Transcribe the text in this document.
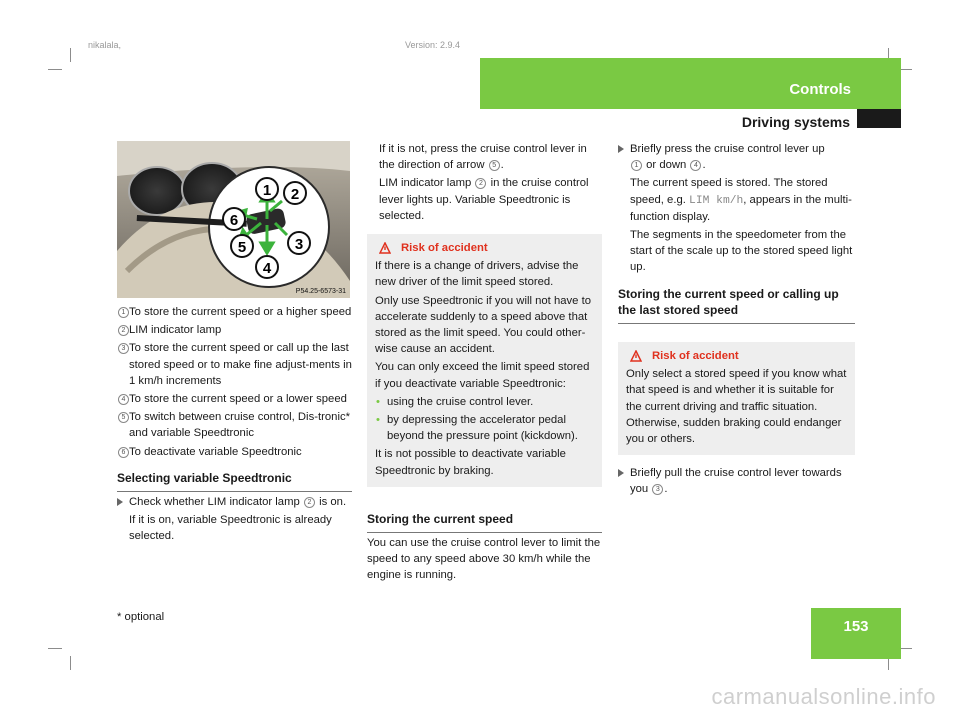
nikalala,	Version: 2.9.4
Controls
Driving systems
1 2
3
4
5
6
P54.25-6573-31

1 To store the current speed or a higher speed

2 LIM indicator lamp

3 To store the current speed or call up the last stored speed or to make fine adjust-ments in 1 km/h increments

4 To store the current speed or a lower speed

5 To switch between cruise control, Dis-tronic* and variable Speedtronic

6 To deactivate variable Speedtronic

Selecting variable Speedtronic

Check whether LIM indicator lamp 2 is on.

If it is on, variable Speedtronic is already selected.

If it is not, press the cruise control lever in the direction of arrow 5 .

LIM indicator lamp 2 in the cruise control lever lights up. Variable Speedtronic is selected.

Risk of accident

If there is a change of drivers, advise the new driver of the limit speed stored.

Only use Speedtronic if you will not have to accelerate suddenly to a speed above that stored as the limit speed. You could other-wise cause an accident.

You can only exceed the limit speed stored if you deactivate variable Speedtronic:

• using the cruise control lever.

• by depressing the accelerator pedal beyond the pressure point (kickdown).

It is not possible to deactivate variable Speedtronic by braking.

Storing the current speed

You can use the cruise control lever to limit the speed to any speed above 30 km/h while the engine is running.

Briefly press the cruise control lever up
1 or down 4 .

The current speed is stored. The stored speed, e.g. LIM km/h, appears in the multi-function display.

The segments in the speedometer from the start of the scale up to the stored speed light up.

Storing the current speed or calling up the last stored speed

Risk of accident

Only select a stored speed if you know what that speed is and whether it is suitable for the current driving and traffic situation. Otherwise, sudden braking could endanger you or others.

Briefly pull the cruise control lever towards you 3 .

* optional
153
carmanualsonline.info
